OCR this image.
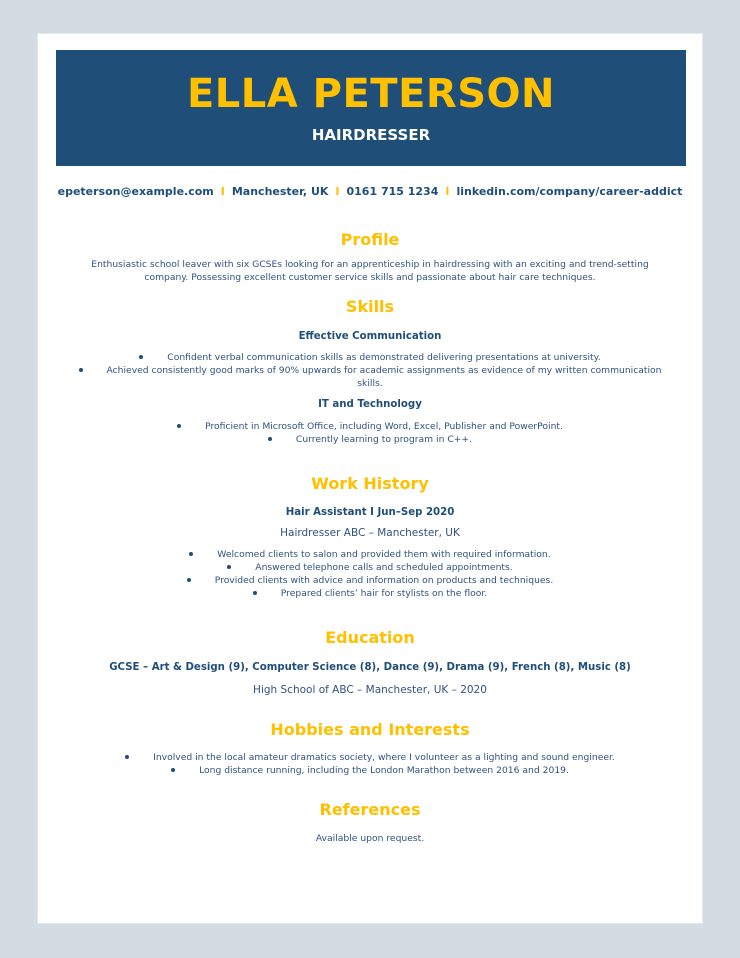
ELLA PETERSON
HAIRDRESSER
epeterson@example.com I Manchester, UK I 0161 715 1234 I linkedin.com/company/career-addict
Profile
Enthusiastic school leaver with six GCSEs looking for an apprenticeship in hairdressing with an exciting and trend-setting company. Possessing excellent customer service skills and passionate about hair care techniques.
Skills
Effective Communication
Confident verbal communication skills as demonstrated delivering presentations at university.
Achieved consistently good marks of 90% upwards for academic assignments as evidence of my written communication skills.
IT and Technology
Proficient in Microsoft Office, including Word, Excel, Publisher and PowerPoint.
Currently learning to program in C++.
Work History
Hair Assistant I Jun–Sep 2020
Hairdresser ABC – Manchester, UK
Welcomed clients to salon and provided them with required information.
Answered telephone calls and scheduled appointments.
Provided clients with advice and information on products and techniques.
Prepared clients’ hair for stylists on the floor.
Education
GCSE – Art & Design (9), Computer Science (8), Dance (9), Drama (9), French (8), Music (8)
High School of ABC – Manchester, UK – 2020
Hobbies and Interests
Involved in the local amateur dramatics society, where I volunteer as a lighting and sound engineer.
Long distance running, including the London Marathon between 2016 and 2019.
References
Available upon request.
